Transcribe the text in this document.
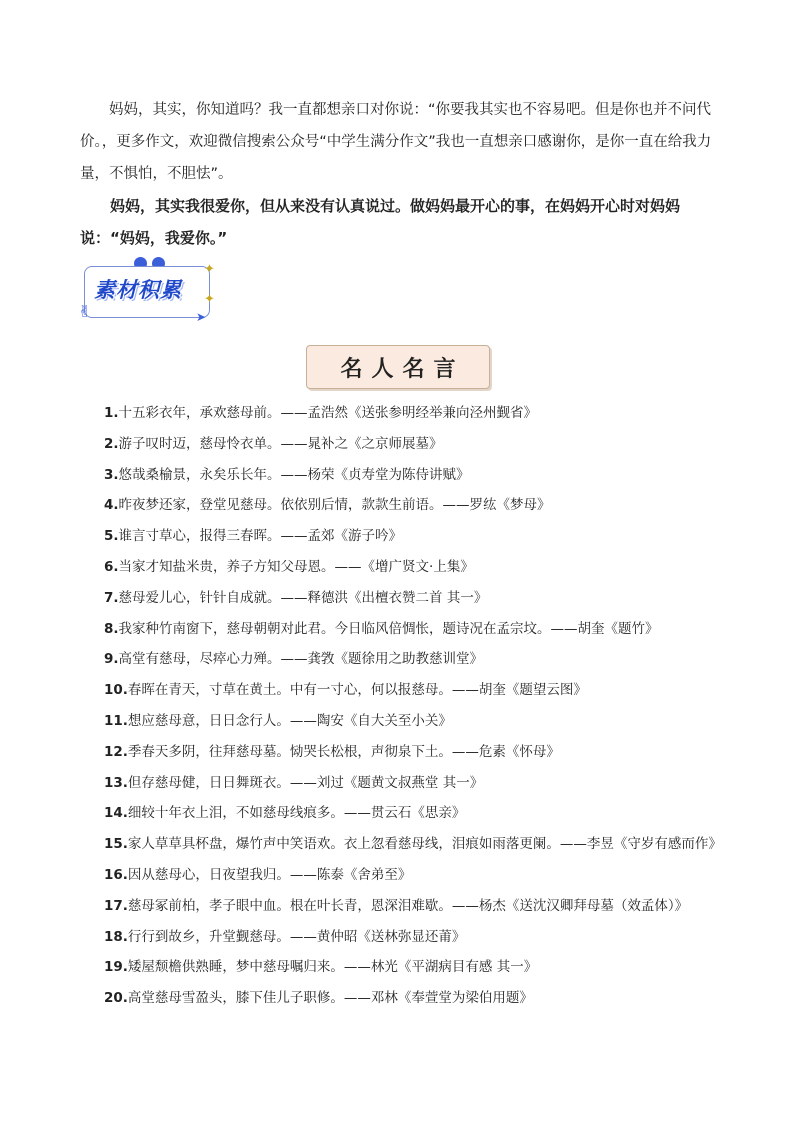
妈妈，其实，你知道吗？我一直都想亲口对你说：“你要我其实也不容易吧。但是你也并不问代价。，更多作文，欢迎微信搜索公众号“中学生满分作文”我也一直想亲口感谢你，是你一直在给我力量，不惧怕，不胆怯”。

妈妈，其实我很爱你，但从来没有认真说过。做妈妈最开心的事，在妈妈开心时对妈妈说：“妈妈，我爱你。”

素材积累
✦
✦
✌	➤
名人名言
1.十五彩衣年，承欢慈母前。——孟浩然《送张参明经举兼向泾州觐省》
2.游子叹时迈，慈母怜衣单。——晁补之《之京师展墓》
3.悠哉桑榆景，永矣乐长年。——杨荣《贞寿堂为陈侍讲赋》
4.昨夜梦还家，登堂见慈母。依依别后情，款款生前语。——罗纮《梦母》
5.谁言寸草心，报得三春晖。——孟郊《游子吟》
6.当家才知盐米贵，养子方知父母恩。——《增广贤文·上集》
7.慈母爱儿心，针针自成就。——释德洪《出檀衣赞二首 其一》
8.我家种竹南窗下，慈母朝朝对此君。今日临风倍惆怅，题诗况在孟宗坟。——胡奎《题竹》
9.高堂有慈母，尽瘁心力殚。——龚敩《题徐用之助教慈训堂》
10.春晖在青天，寸草在黄土。中有一寸心，何以报慈母。——胡奎《题望云图》
11.想应慈母意，日日念行人。——陶安《自大关至小关》
12.季春天多阴，往拜慈母墓。恸哭长松根，声彻泉下土。——危素《怀母》
13.但存慈母健，日日舞斑衣。——刘过《题黄文叔燕堂 其一》
14.细较十年衣上泪，不如慈母线痕多。——贯云石《思亲》
15.家人草草具杯盘，爆竹声中笑语欢。衣上忽看慈母线，泪痕如雨落更阑。——李昱《守岁有感而作》
16.因从慈母心，日夜望我归。——陈泰《舍弟至》
17.慈母冢前柏，孝子眼中血。根在叶长青，恩深泪难歇。——杨杰《送沈汉卿拜母墓（效孟体）》
18.行行到故乡，升堂觐慈母。——黄仲昭《送林弥显还莆》
19.矮屋颓檐供熟睡，梦中慈母嘱归来。——林光《平湖病目有感 其一》
20.高堂慈母雪盈头，膝下佳儿子职修。——邓林《奉萱堂为梁伯用题》
